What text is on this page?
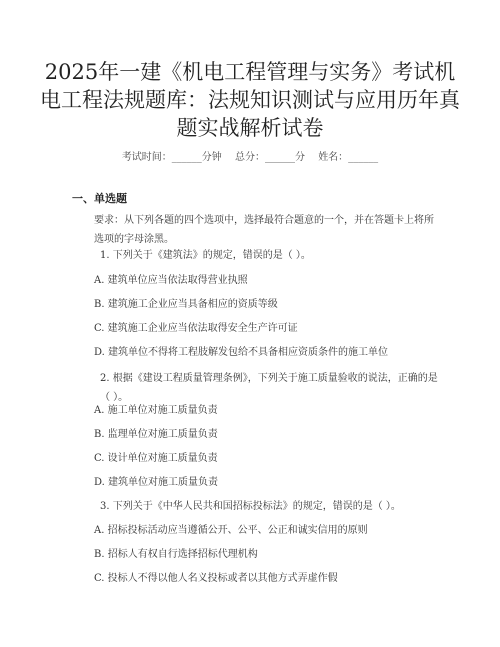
2025年一建《机电工程管理与实务》考试机电工程法规题库：法规知识测试与应用历年真题实战解析试卷
考试时间：______分钟 总分：______分 姓名：______
一、单选题

要求：从下列各题的四个选项中，选择最符合题意的一个，并在答题卡上将所选项的字母涂黑。

1. 下列关于《建筑法》的规定，错误的是（ ）。

A. 建筑单位应当依法取得营业执照

B. 建筑施工企业应当具备相应的资质等级

C. 建筑施工企业应当依法取得安全生产许可证

D. 建筑单位不得将工程肢解发包给不具备相应资质条件的施工单位

2. 根据《建设工程质量管理条例》，下列关于施工质量验收的说法，正确的是（ ）。

A. 施工单位对施工质量负责

B. 监理单位对施工质量负责

C. 设计单位对施工质量负责

D. 建筑单位对施工质量负责

3. 下列关于《中华人民共和国招标投标法》的规定，错误的是（ ）。

A. 招标投标活动应当遵循公开、公平、公正和诚实信用的原则

B. 招标人有权自行选择招标代理机构

C. 投标人不得以他人名义投标或者以其他方式弄虚作假
